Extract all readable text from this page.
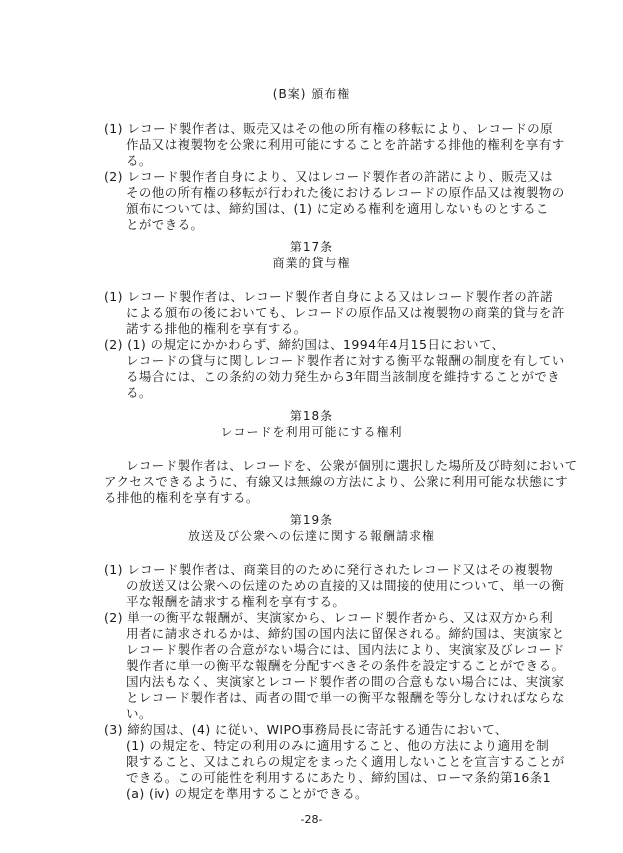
(B案) 頒布権
(1) レコード製作者は、販売又はその他の所有権の移転により、レコードの原
作品又は複製物を公衆に利用可能にすることを許諾する排他的権利を享有す
る。
(2) レコード製作者自身により、又はレコード製作者の許諾により、販売又は
その他の所有権の移転が行われた後におけるレコードの原作品又は複製物の
頒布については、締約国は、(1) に定める権利を適用しないものとするこ
とができる。
第17条
商業的貸与権
(1) レコード製作者は、レコード製作者自身による又はレコード製作者の許諾
による頒布の後においても、レコードの原作品又は複製物の商業的貸与を許
諾する排他的権利を享有する。
(2) (1) の規定にかかわらず、締約国は、1994年4月15日において、
レコードの貸与に関しレコード製作者に対する衡平な報酬の制度を有してい
る場合には、この条約の効力発生から3年間当該制度を維持することができ
る。
第18条
レコードを利用可能にする権利
レコード製作者は、レコードを、公衆が個別に選択した場所及び時刻において
アクセスできるように、有線又は無線の方法により、公衆に利用可能な状態にす
る排他的権利を享有する。
第19条
放送及び公衆への伝達に関する報酬請求権
(1) レコード製作者は、商業目的のために発行されたレコード又はその複製物
の放送又は公衆への伝達のための直接的又は間接的使用について、単一の衡
平な報酬を請求する権利を享有する。
(2) 単一の衡平な報酬が、実演家から、レコード製作者から、又は双方から利
用者に請求されるかは、締約国の国内法に留保される。締約国は、実演家と
レコード製作者の合意がない場合には、国内法により、実演家及びレコード
製作者に単一の衡平な報酬を分配すべきその条件を設定することができる。
国内法もなく、実演家とレコード製作者の間の合意もない場合には、実演家
とレコード製作者は、両者の間で単一の衡平な報酬を等分しなければならな
い。
(3) 締約国は、(4) に従い、WIPO事務局長に寄託する通告において、
(1) の規定を、特定の利用のみに適用すること、他の方法により適用を制
限すること、又はこれらの規定をまったく適用しないことを宣言することが
できる。この可能性を利用するにあたり、締約国は、ローマ条約第16条1
(a) (ⅳ) の規定を準用することができる。
-28-
